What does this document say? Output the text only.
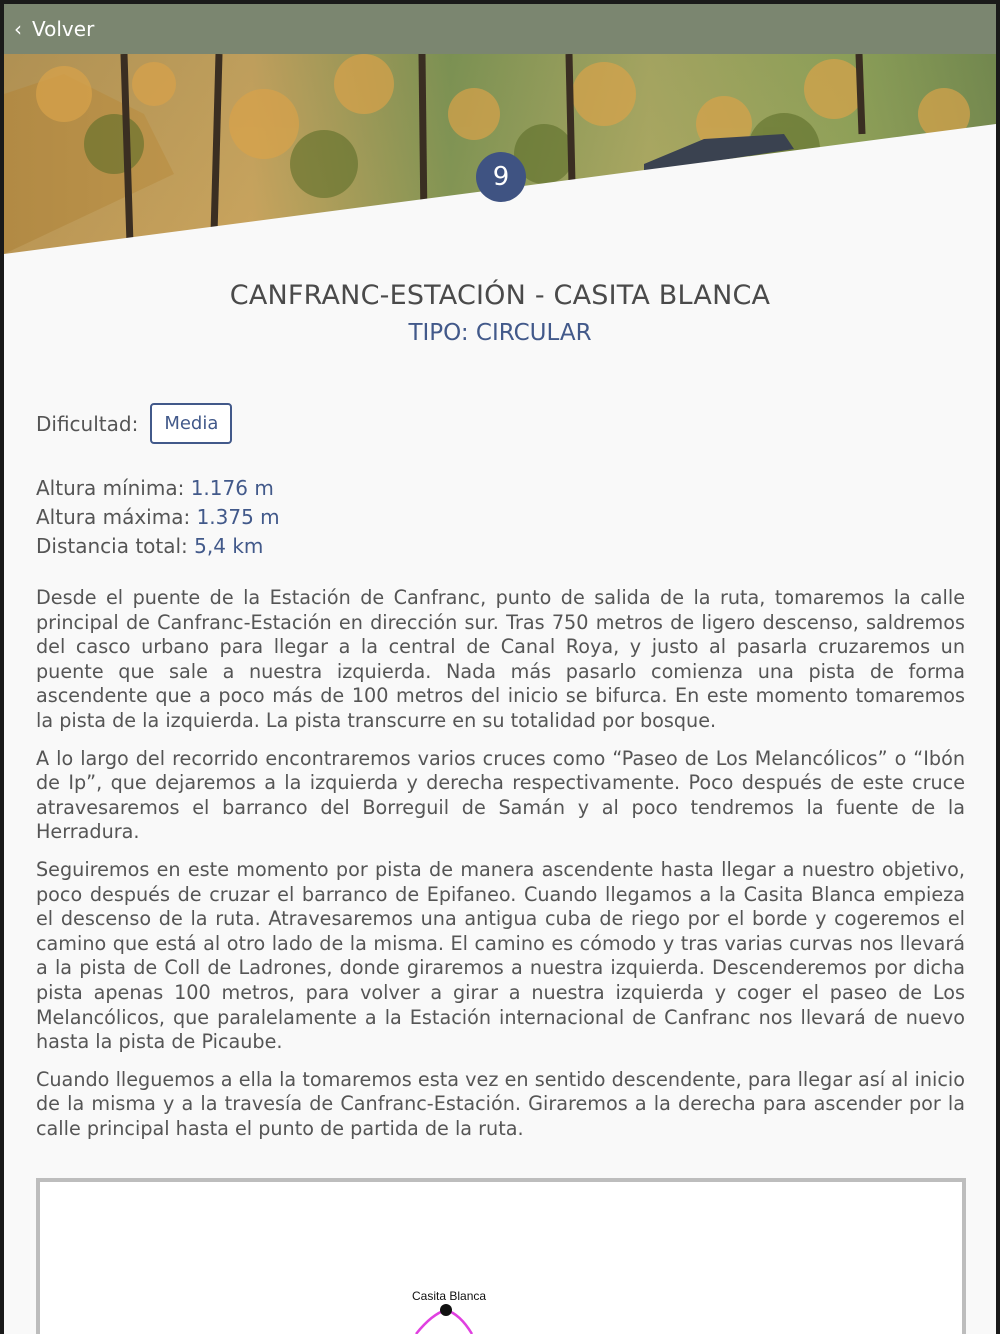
‹ Volver
9
CANFRANC-ESTACIÓN - CASITA BLANCA
TIPO: CIRCULAR
Dificultad:	Media
Altura mínima: 1.176 m
Altura máxima: 1.375 m
Distancia total: 5,4 km

Desde el puente de la Estación de Canfranc, punto de salida de la ruta, tomaremos la calle principal de Canfranc-Estación en dirección sur. Tras 750 metros de ligero descenso, saldremos del casco urbano para llegar a la central de Canal Roya, y justo al pasarla cruzaremos un puente que sale a nuestra izquierda. Nada más pasarlo comienza una pista de forma ascendente que a poco más de 100 metros del inicio se bifurca. En este momento tomaremos la pista de la izquierda. La pista transcurre en su totalidad por bosque.

A lo largo del recorrido encontraremos varios cruces como “Paseo de Los Melancólicos” o “Ibón de Ip”, que dejaremos a la izquierda y derecha respectivamente. Poco después de este cruce atravesaremos el barranco del Borreguil de Samán y al poco tendremos la fuente de la Herradura.

Seguiremos en este momento por pista de manera ascendente hasta llegar a nuestro objetivo, poco después de cruzar el barranco de Epifaneo. Cuando llegamos a la Casita Blanca empieza el descenso de la ruta. Atravesaremos una antigua cuba de riego por el borde y cogeremos el camino que está al otro lado de la misma. El camino es cómodo y tras varias curvas nos llevará a la pista de Coll de Ladrones, donde giraremos a nuestra izquierda. Descenderemos por dicha pista apenas 100 metros, para volver a girar a nuestra izquierda y coger el paseo de Los Melancólicos, que paralelamente a la Estación internacional de Canfranc nos llevará de nuevo hasta la pista de Picaube.

Cuando lleguemos a ella la tomaremos esta vez en sentido descendente, para llegar así al inicio de la misma y a la travesía de Canfranc-Estación. Giraremos a la derecha para ascender por la calle principal hasta el punto de partida de la ruta.

Casita Blanca
